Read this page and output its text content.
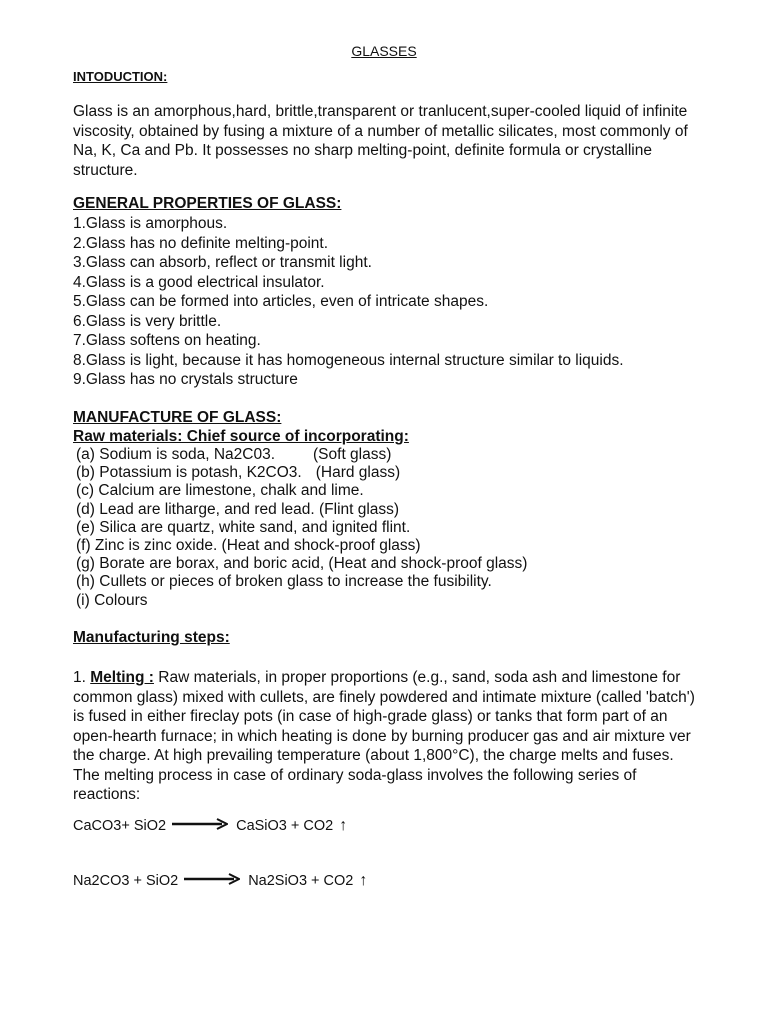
GLASSES
INTODUCTION:
Glass is an amorphous,hard, brittle,transparent or tranlucent,super-cooled liquid of infinite viscosity, obtained by fusing a mixture of a number of metallic silicates, most commonly of Na, K, Ca and Pb. It possesses no sharp melting-point, definite formula or crystalline structure.
GENERAL PROPERTIES OF GLASS:
1.Glass is amorphous.
2.Glass has no definite melting-point.
3.Glass can absorb, reflect or transmit light.
4.Glass is a good electrical insulator.
5.Glass can be formed into articles, even of intricate shapes.
6.Glass is very brittle.
7.Glass softens on heating.
8.Glass is light, because it has homogeneous internal structure similar to liquids.
9.Glass has no crystals structure
MANUFACTURE OF GLASS:
Raw materials: Chief source of incorporating:
(a) Sodium is soda, Na2C03. (Soft glass)
(b) Potassium is potash, K2CO3. (Hard glass)
(c) Calcium are limestone, chalk and lime.
(d) Lead are litharge, and red lead. (Flint glass)
(e) Silica are quartz, white sand, and ignited flint.
(f) Zinc is zinc oxide. (Heat and shock-proof glass)
(g) Borate are borax, and boric acid, (Heat and shock-proof glass)
(h) Cullets or pieces of broken glass to increase the fusibility.
(i) Colours
Manufacturing steps:
1. Melting : Raw materials, in proper proportions (e.g., sand, soda ash and limestone for common glass) mixed with cullets, are finely powdered and intimate mixture (called 'batch') is fused in either fireclay pots (in case of high-grade glass) or tanks that form part of an open-hearth furnace; in which heating is done by burning producer gas and air mixture ver the charge. At high prevailing temperature (about 1,800°C), the charge melts and fuses. The melting process in case of ordinary soda-glass involves the following series of reactions:
CaCO3+ SiO2 → CaSiO3 + CO2 ↑
Na2CO3 + SiO2 → Na2SiO3 + CO2 ↑
